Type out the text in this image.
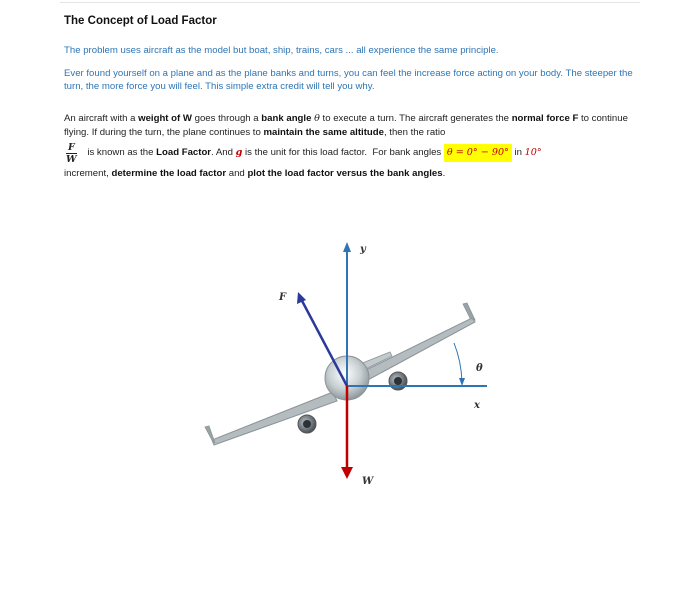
The Concept of Load Factor
The problem uses aircraft as the model but boat, ship, trains, cars ... all experience the same principle.
Ever found yourself on a plane and as the plane banks and turns, you can feel the increase force acting on your body. The steeper the turn, the more force you will feel. This simple extra credit will tell you why.
An aircraft with a weight of W goes through a bank angle θ to execute a turn. The aircraft generates the normal force F to continue flying. If during the turn, the plane continues to maintain the same altitude, then the ratio
$\frac{F}{W}$ is known as the Load Factor . And g is the unit for this load factor.  For bank angles θ = 0° − 90° in 10°
increment, determine the load factor and plot the load factor versus the bank angles.
y
x
F
W
θ
